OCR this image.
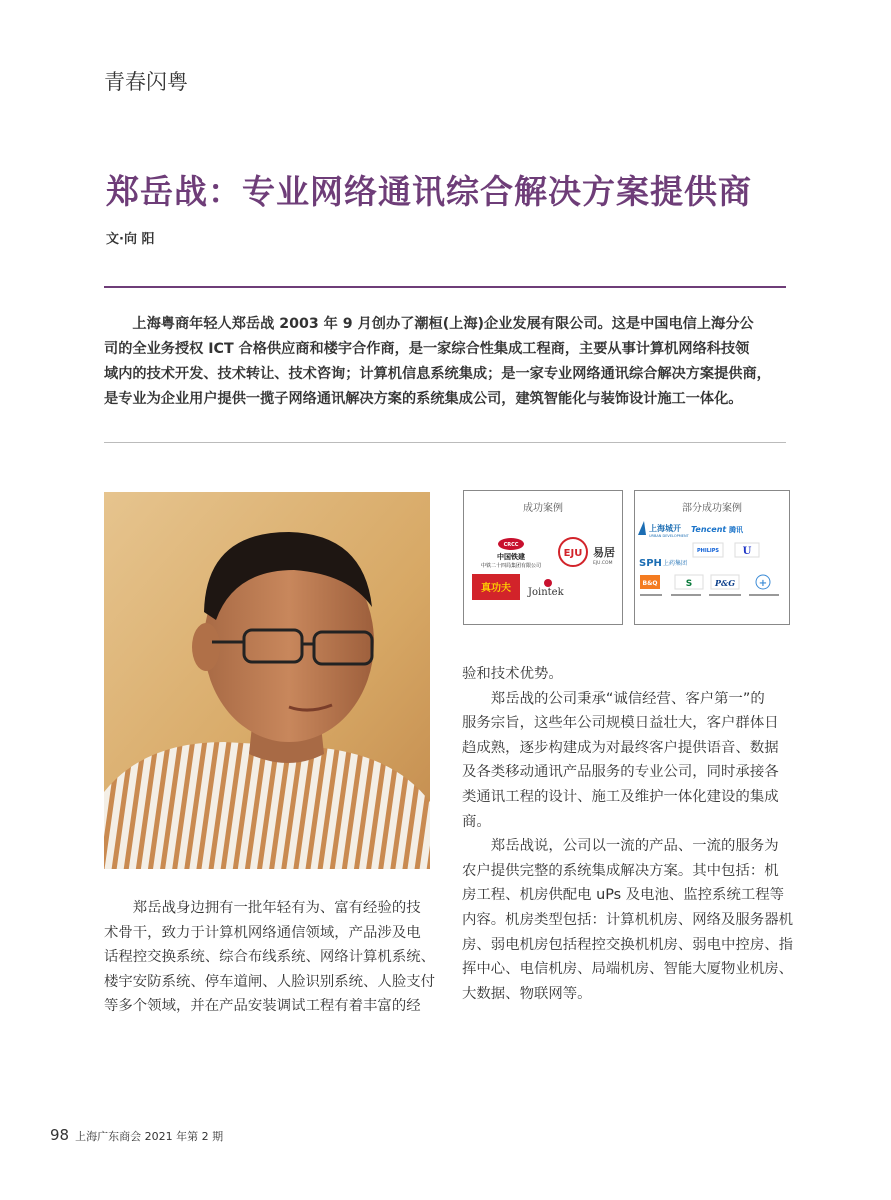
青春闪粤
郑岳战：专业网络通讯综合解决方案提供商
文·向 阳
上海粤商年轻人郑岳战 2003 年 9 月创办了潮桓(上海)企业发展有限公司。这是中国电信上海分公
司的全业务授权 ICT 合格供应商和楼宇合作商，是一家综合性集成工程商，主要从事计算机网络科技领
域内的技术开发、技术转让、技术咨询；计算机信息系统集成；是一家专业网络通讯综合解决方案提供商，
是专业为企业用户提供一揽子网络通讯解决方案的系统集成公司，建筑智能化与装饰设计施工一体化。
成功案例
CRCC
中国铁建
中铁二十四局集团有限公司
EJU 易居
EJU.COM
真功夫 Jointek
部分成功案例
上海城开
URBAN DEVELOPMENT
Tencent 腾讯
PHILIPS U
SPH 上药集团
B&Q	S	P&G +
郑岳战身边拥有一批年轻有为、富有经验的技
术骨干，致力于计算机网络通信领域，产品涉及电
话程控交换系统、综合布线系统、网络计算机系统、
楼宇安防系统、停车道闸、人脸识别系统、人脸支付
等多个领域，并在产品安装调试工程有着丰富的经
验和技术优势。
郑岳战的公司秉承“诚信经营、客户第一”的
服务宗旨，这些年公司规模日益壮大，客户群体日
趋成熟，逐步构建成为对最终客户提供语音、数据
及各类移动通讯产品服务的专业公司，同时承接各
类通讯工程的设计、施工及维护一体化建设的集成
商。
郑岳战说，公司以一流的产品、一流的服务为
农户提供完整的系统集成解决方案。其中包括：机
房工程、机房供配电 uPs 及电池、监控系统工程等
内容。机房类型包括：计算机机房、网络及服务器机
房、弱电机房包括程控交换机机房、弱电中控房、指
挥中心、电信机房、局端机房、智能大厦物业机房、
大数据、物联网等。
98 上海广东商会 2021 年第 2 期
